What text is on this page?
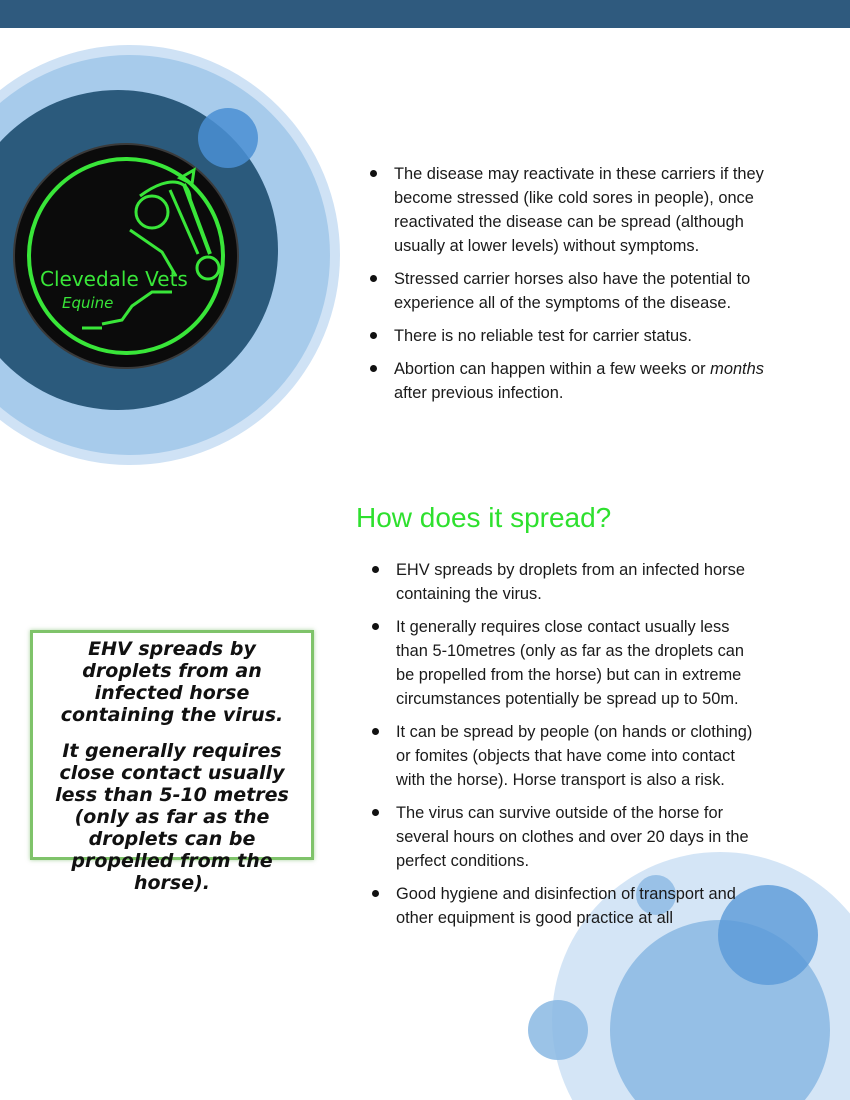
Clevedale Vets
Equine
The disease may reactivate in these carriers if they become stressed (like cold sores in people), once reactivated the disease can be spread (although usually at lower levels) without symptoms.
Stressed carrier horses also have the potential to experience all of the symptoms of the disease.
There is no reliable test for carrier status.
Abortion can happen within a few weeks or months after previous infection.
How does it spread?
EHV spreads by droplets from an infected horse containing the virus.
It generally requires close contact usually less than 5-10metres (only as far as the droplets can be propelled from the horse) but can in extreme circumstances potentially be spread up to 50m.
It can be spread by people (on hands or clothing) or fomites (objects that have come into contact with the horse). Horse transport is also a risk.
The virus can survive outside of the horse for several hours on clothes and over 20 days in the perfect conditions.
Good hygiene and disinfection of transport and other equipment is good practice at all

EHV spreads by droplets from an infected horse containing the virus.

It generally requires close contact usually less than 5-10 metres (only as far as the droplets can be propelled from the horse).
